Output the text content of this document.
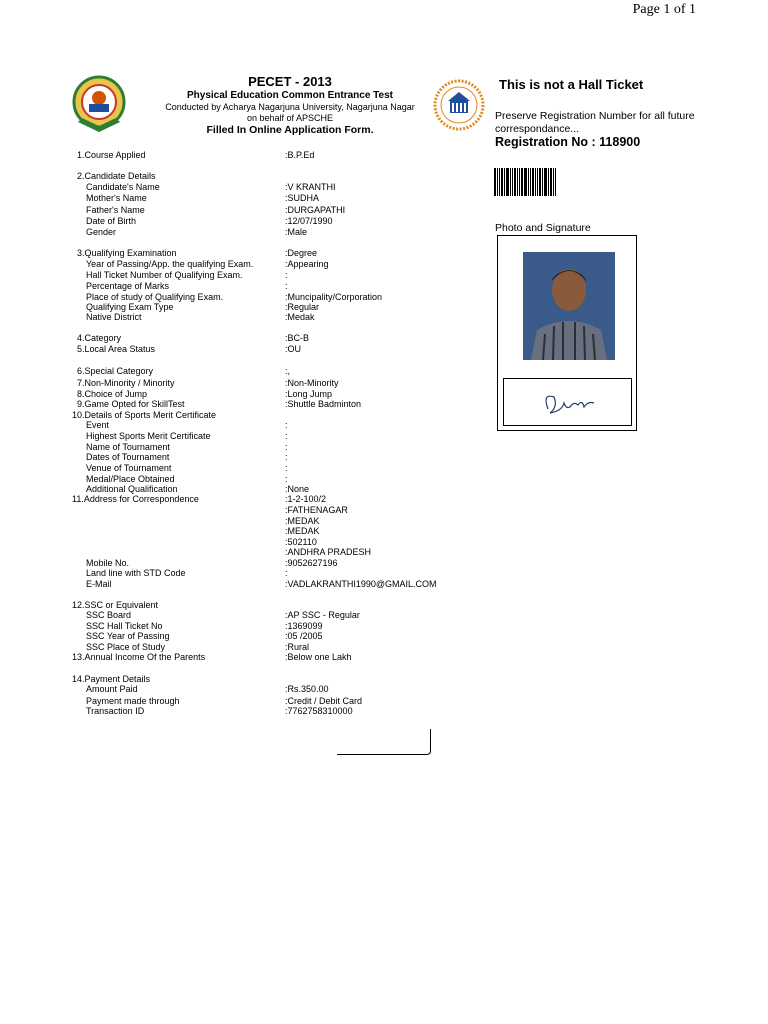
Page 1 of 1
PECET - 2013
Physical Education Common Entrance Test
Conducted by Acharya Nagarjuna University, Nagarjuna Nagar
on behalf of APSCHE
Filled In Online Application Form.
This is not a Hall Ticket
Preserve Registration Number for all future correspondance...
Registration No : 118900
Photo and Signature
1.Course Applied	:B.P.Ed
2.Candidate Details
Candidate's Name	:V KRANTHI
Mother's Name	:SUDHA
Father's Name	:DURGAPATHI
Date of Birth	:12/07/1990
Gender	:Male
3.Qualifying Examination	:Degree
Year of Passing/App. the qualifying Exam.	:Appearing
Hall Ticket Number of Qualifying Exam.	:
Percentage of Marks	:
Place of study of Qualifying Exam.	:Muncipality/Corporation
Qualifying Exam Type	:Regular
Native District	:Medak
4.Category	:BC-B
5.Local Area Status	:OU
6.Special Category	:,
7.Non-Minority / Minority	:Non-Minority
8.Choice of Jump	:Long Jump
9.Game Opted for SkillTest	:Shuttle Badminton
10.Details of Sports Merit Certificate
Event	:
Highest Sports Merit Certificate	:
Name of Tournament	:
Dates of Tournament	:
Venue of Tournament	:
Medal/Place Obtained	:
Additional Qualification	:None
11.Address for Correspondence	:1-2-100/2
:FATHENAGAR
:MEDAK
:MEDAK
:502110
:ANDHRA PRADESH
Mobile No.	:9052627196
Land line with STD Code	:
E-Mail	:VADLAKRANTHI1990@GMAIL.COM
12.SSC or Equivalent
SSC Board	:AP SSC - Regular
SSC Hall Ticket No	:1369099
SSC Year of Passing	:05 /2005
SSC Place of Study	:Rural
13.Annual Income Of the Parents	:Below one Lakh
14.Payment Details
Amount Paid	:Rs.350.00
Payment made through	:Credit / Debit Card
Transaction ID	:7762758310000
